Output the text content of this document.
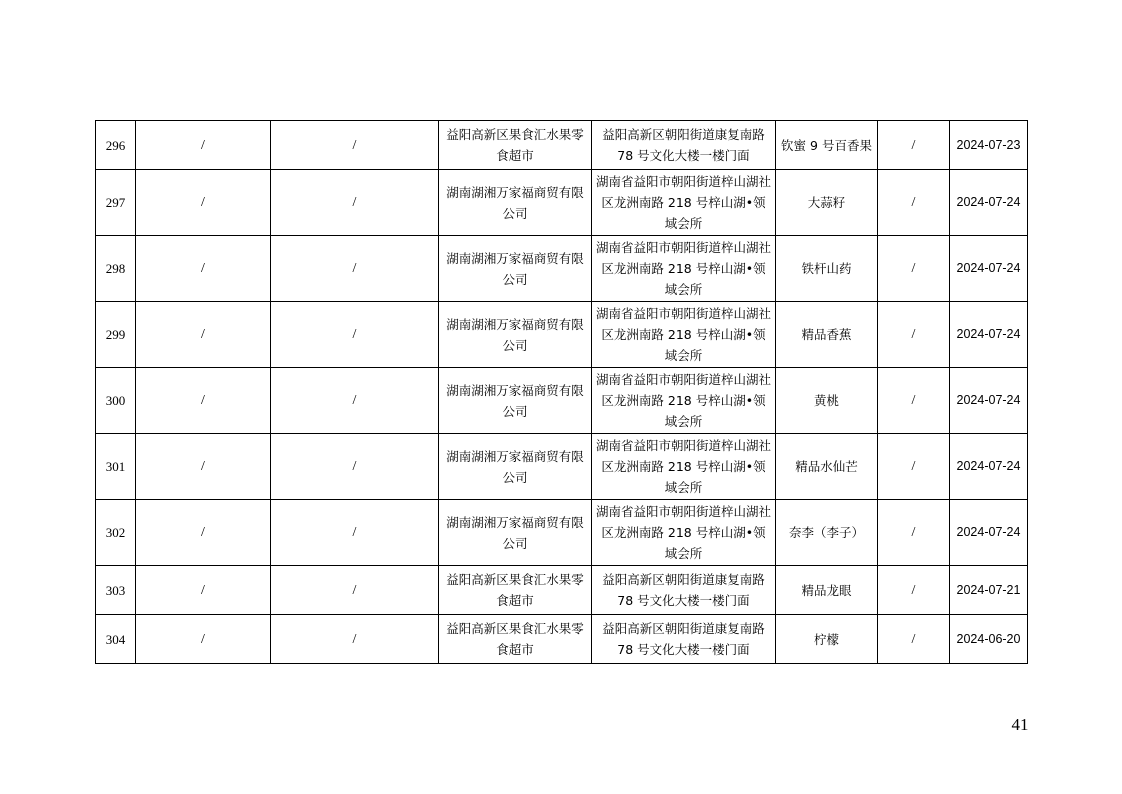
296	/	/	益阳高新区果食汇水果零食超市	益阳高新区朝阳街道康复南路 78 号文化大楼一楼门面	钦蜜 9 号百香果	/	2024-07-23
297	/	/	湖南湖湘万家福商贸有限公司	湖南省益阳市朝阳街道梓山湖社区龙洲南路 218 号梓山湖•领域会所	大蒜籽	/	2024-07-24
298	/	/	湖南湖湘万家福商贸有限公司	湖南省益阳市朝阳街道梓山湖社区龙洲南路 218 号梓山湖•领域会所	铁杆山药	/	2024-07-24
299	/	/	湖南湖湘万家福商贸有限公司	湖南省益阳市朝阳街道梓山湖社区龙洲南路 218 号梓山湖•领域会所	精品香蕉	/	2024-07-24
300	/	/	湖南湖湘万家福商贸有限公司	湖南省益阳市朝阳街道梓山湖社区龙洲南路 218 号梓山湖•领域会所	黄桃	/	2024-07-24
301	/	/	湖南湖湘万家福商贸有限公司	湖南省益阳市朝阳街道梓山湖社区龙洲南路 218 号梓山湖•领域会所	精品水仙芒	/	2024-07-24
302	/	/	湖南湖湘万家福商贸有限公司	湖南省益阳市朝阳街道梓山湖社区龙洲南路 218 号梓山湖•领域会所	奈李（李子）	/	2024-07-24
303	/	/	益阳高新区果食汇水果零食超市	益阳高新区朝阳街道康复南路 78 号文化大楼一楼门面	精品龙眼	/	2024-07-21
304	/	/	益阳高新区果食汇水果零食超市	益阳高新区朝阳街道康复南路 78 号文化大楼一楼门面	柠檬	/	2024-06-20
41
